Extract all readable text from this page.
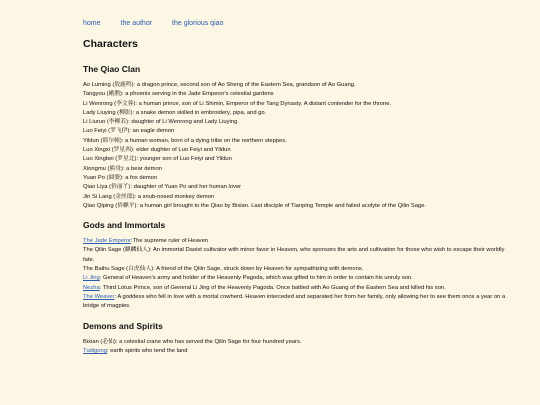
home	the author	the glorious qiao
Characters
The Qiao Clan

Ao Luming (敖鹿鸣): a dragon prince, second son of Ao Sheng of the Eastern Sea, grandson of Ao Guang.

Tangyou (鹇鹊): a phoenix serving in the Jade Emperor's celestial gardens

Li Wenrong (李文蓉): a human prince, son of Li Shimin, Emperor of the Tang Dynasty. A distant contender for the throne.

Lady Liuying (柳影): a snake demon skilled in embroidery, pipa, and go.

Li Liuruo (李柳若): daughter of Li Wenrong and Lady Liuying

Luo Feiyi (罗飞伊): an eagle demon

Yildun (耶尔顿): a human woman, born of a dying tribe on the northern steppes.

Luo Xingxi (罗星西): elder dughter of Luo Feiyi and Yildun

Luo Xingbei (罗星北): younger son of Luo Feiyi and Yildun

Xiongmu (熊母): a bear demon

Yuan Po (圆婆): a fox demon

Qiao Liya (侨丽丫): daughter of Yuan Po and her human lover

Jin Si Lang (金丝郎): a snub-nosed monkey demon

Qiao Qiping (侨麒平): a human girl brought to the Qiao by Bixian. Last disciple of Tianping Temple and failed acolyte of the Qilin Sage.

Gods and Immortals

The Jade Emperor:The supreme ruler of Heaven

The Qilin Sage (麒麟仙人): An immortal Daoist cultivator with minor favor in Heaven, who sponsors the arts and cultivation for those who wish to escape their worldly fate.

The Baihu Sage (白虎仙人): A friend of the Qilin Sage, struck down by Heaven for sympathizing with demons.

Li Jing: General of Heaven's army and holder of the Heavenly Pagoda, which was gifted to him in order to contain his unruly son.

Nezha: Third Lotus Prince, son of General Li Jing of the Heavenly Pagoda. Once battled with Ao Guang of the Eastern Sea and killed his son.

The Weaver: A goddess who fell in love with a mortal cowherd. Heaven interceded and separated her from her family, only allowing her to see them once a year on a bridge of magpies.

Demons and Spirits

Bixian (必仙): a celestial crane who has served the Qilin Sage for four hundred years.

Tudigong: earth spirits who tend the land
